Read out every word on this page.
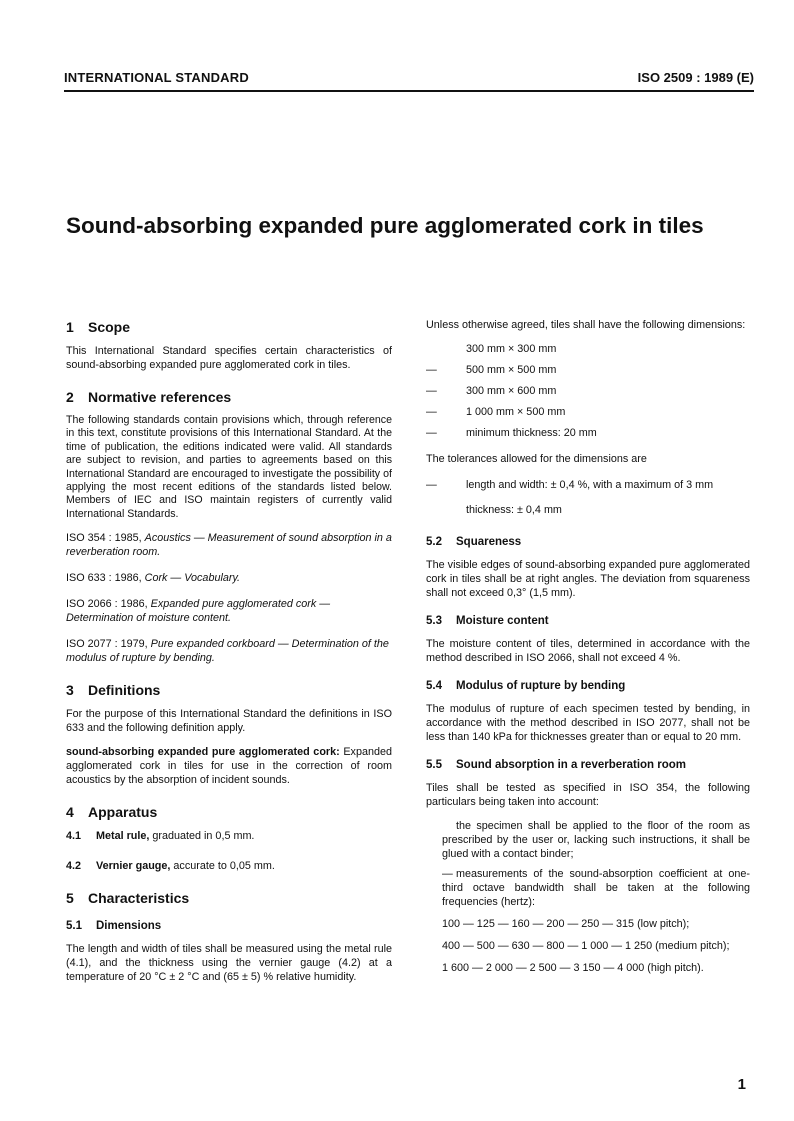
INTERNATIONAL STANDARD	ISO 2509 : 1989 (E)
Sound-absorbing expanded pure agglomerated cork in tiles
1 Scope

This International Standard specifies certain characteristics of sound-absorbing expanded pure agglomerated cork in tiles.

2 Normative references

The following standards contain provisions which, through reference in this text, constitute provisions of this International Standard. At the time of publication, the editions indicated were valid. All standards are subject to revision, and parties to agreements based on this International Standard are encouraged to investigate the possibility of applying the most recent editions of the standards listed below. Members of IEC and ISO maintain registers of currently valid International Standards.

ISO 354 : 1985, Acoustics — Measurement of sound absorption in a reverberation room.
ISO 633 : 1986, Cork — Vocabulary.
ISO 2066 : 1986, Expanded pure agglomerated cork — Determination of moisture content.
ISO 2077 : 1979, Pure expanded corkboard — Determination of the modulus of rupture by bending.
3 Definitions

For the purpose of this International Standard the definitions in ISO 633 and the following definition apply.

sound-absorbing expanded pure agglomerated cork: Expanded agglomerated cork in tiles for use in the correction of room acoustics by the absorption of incident sounds.

4 Apparatus

4.1 Metal rule, graduated in 0,5 mm.

4.2 Vernier gauge, accurate to 0,05 mm.

5 Characteristics
5.1 Dimensions

The length and width of tiles shall be measured using the metal rule (4.1), and the thickness using the vernier gauge (4.2) at a temperature of 20 °C ± 2 °C and (65 ± 5) % relative humidity.

Unless otherwise agreed, tiles shall have the following dimensions:

300 mm × 300 mm
—	500 mm × 500 mm
—	300 mm × 600 mm
—	1 000 mm × 500 mm
—	minimum thickness: 20 mm

The tolerances allowed for the dimensions are

—	length and width: ± 0,4 %, with a maximum of 3 mm
thickness: ± 0,4 mm
5.2 Squareness

The visible edges of sound-absorbing expanded pure agglomerated cork in tiles shall be at right angles. The deviation from squareness shall not exceed 0,3° (1,5 mm).

5.3 Moisture content

The moisture content of tiles, determined in accordance with the method described in ISO 2066, shall not exceed 4 %.

5.4 Modulus of rupture by bending

The modulus of rupture of each specimen tested by bending, in accordance with the method described in ISO 2077, shall not be less than 140 kPa for thicknesses greater than or equal to 20 mm.

5.5 Sound absorption in a reverberation room

Tiles shall be tested as specified in ISO 354, the following particulars being taken into account:

the specimen shall be applied to the floor of the room as prescribed by the user or, lacking such instructions, it shall be glued with a contact binder;

— measurements of the sound-absorption coefficient at one-third octave bandwidth shall be taken at the following frequencies (hertz):

100 — 125 — 160 — 200 — 250 — 315 (low pitch);
400 — 500 — 630 — 800 — 1 000 — 1 250 (medium pitch);
1 600 — 2 000 — 2 500 — 3 150 — 4 000 (high pitch).
1
